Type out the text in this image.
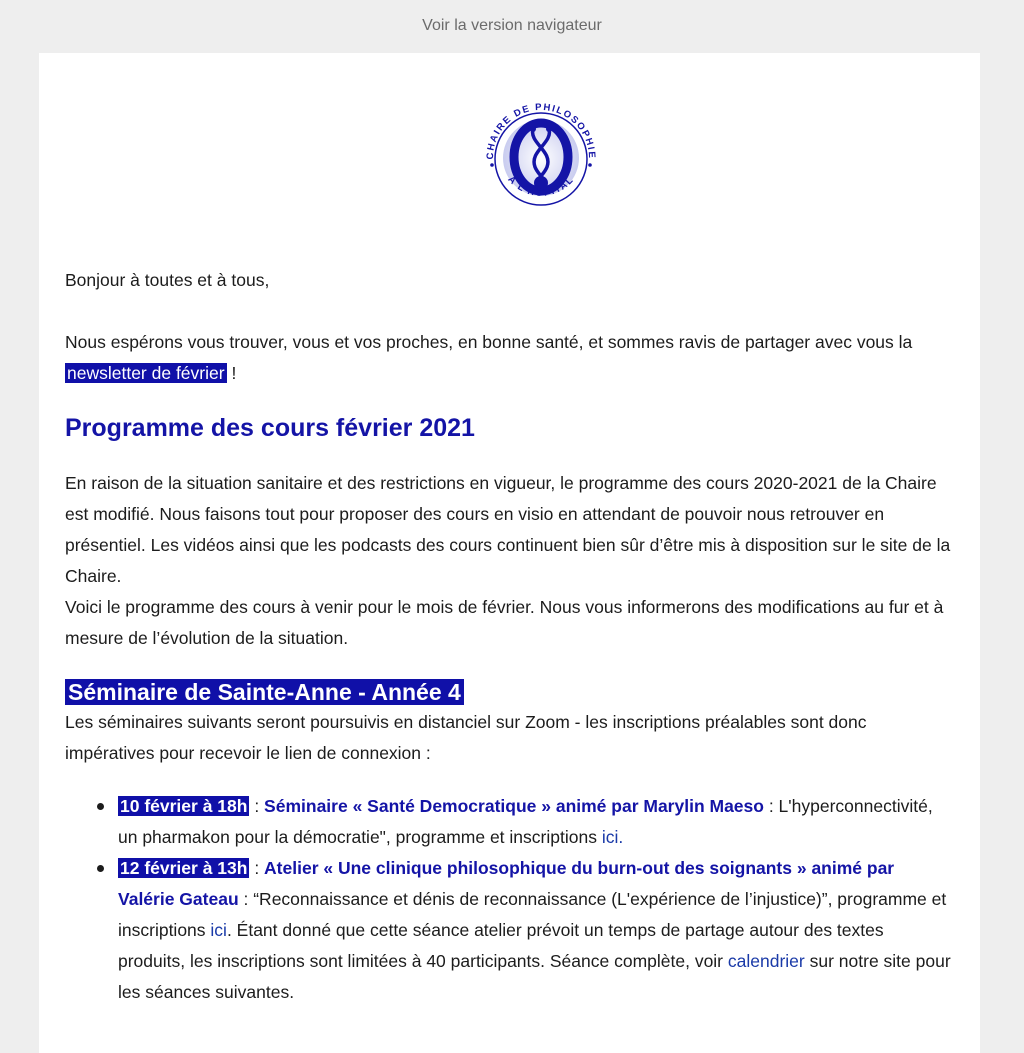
Voir la version navigateur
CHAIRE DE PHILOSOPHIE
À L'HÔPITAL

Bonjour à toutes et à tous,

Nous espérons vous trouver, vous et vos proches, en bonne santé, et sommes ravis de partager avec vous la newsletter de février !

Programme des cours février 2021

En raison de la situation sanitaire et des restrictions en vigueur, le programme des cours 2020-2021 de la Chaire est modifié. Nous faisons tout pour proposer des cours en visio en attendant de pouvoir nous retrouver en présentiel. Les vidéos ainsi que les podcasts des cours continuent bien sûr d’être mis à disposition sur le site de la Chaire.

Voici le programme des cours à venir pour le mois de février. Nous vous informerons des modifications au fur et à mesure de l’évolution de la situation.

Séminaire de Sainte-Anne - Année 4

Les séminaires suivants seront poursuivis en distanciel sur Zoom - les inscriptions préalables sont donc impératives pour recevoir le lien de connexion :

10 février à 18h : Séminaire « Santé Democratique » animé par Marylin Maeso : L'hyperconnectivité, un pharmakon pour la démocratie", programme et inscriptions ici.
12 février à 13h : Atelier « Une clinique philosophique du burn-out des soignants » animé par Valérie Gateau : “Reconnaissance et dénis de reconnaissance (L'expérience de l’injustice)”, programme et inscriptions ici. Étant donné que cette séance atelier prévoit un temps de partage autour des textes produits, les inscriptions sont limitées à 40 participants. Séance complète, voir calendrier sur notre site pour les séances suivantes.
